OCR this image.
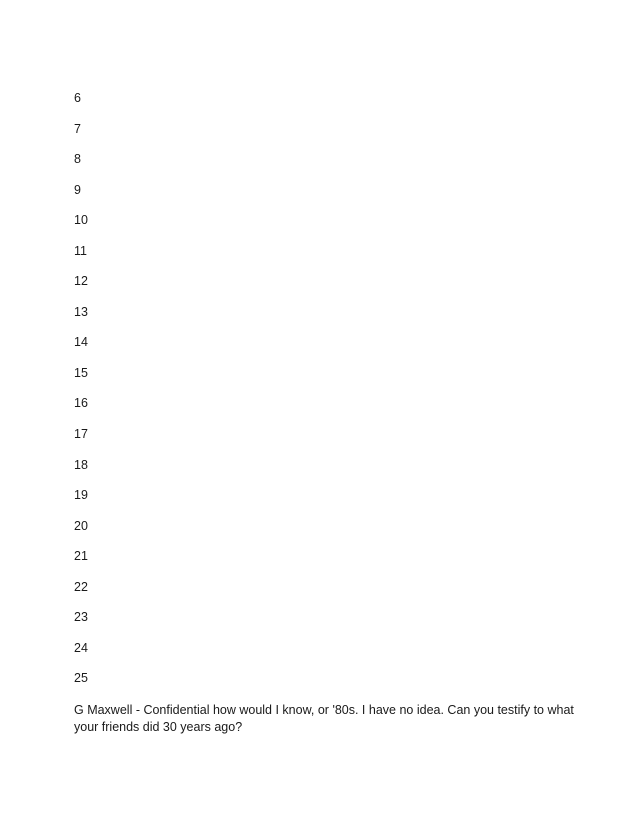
6
7
8
9
10
11
12
13
14
15
16
17
18
19
20
21
22
23
24
25

G Maxwell - Confidential how would I know, or '80s. I have no idea. Can you testify to what your friends did 30 years ago?
